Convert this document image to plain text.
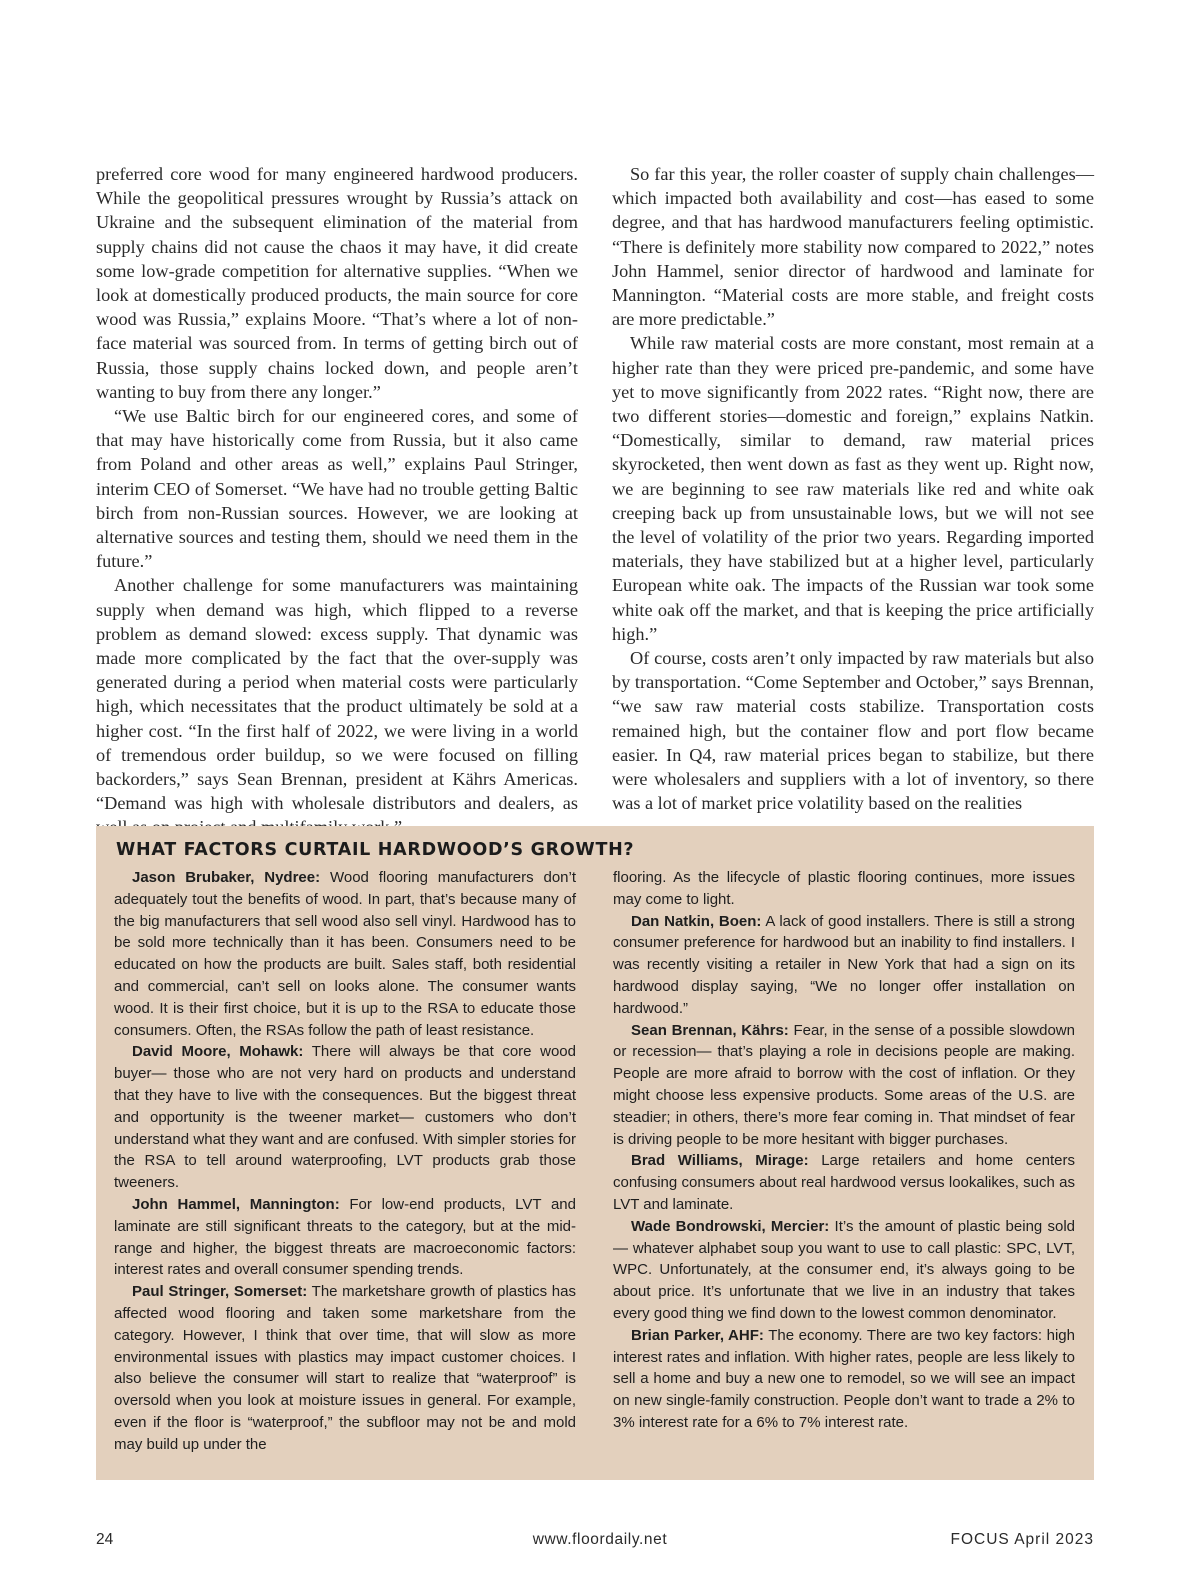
preferred core wood for many engineered hardwood producers. While the geopolitical pressures wrought by Russia’s attack on Ukraine and the subsequent elimination of the material from supply chains did not cause the chaos it may have, it did create some low-grade competition for alternative supplies. “When we look at domestically produced products, the main source for core wood was Russia,” explains Moore. “That’s where a lot of non-face material was sourced from. In terms of getting birch out of Russia, those supply chains locked down, and people aren’t wanting to buy from there any longer.”

“We use Baltic birch for our engineered cores, and some of that may have historically come from Russia, but it also came from Poland and other areas as well,” explains Paul Stringer, interim CEO of Somerset. “We have had no trouble getting Baltic birch from non-Russian sources. However, we are looking at alternative sources and testing them, should we need them in the future.”

Another challenge for some manufacturers was maintaining supply when demand was high, which flipped to a reverse problem as demand slowed: excess supply. That dynamic was made more complicated by the fact that the over-supply was generated during a period when material costs were particularly high, which necessitates that the product ultimately be sold at a higher cost. “In the first half of 2022, we were living in a world of tremendous order buildup, so we were focused on filling backorders,” says Sean Brennan, president at Kährs Americas. “Demand was high with wholesale distributors and dealers, as

So far this year, the roller coaster of supply chain challenges—which impacted both availability and cost—has eased to some degree, and that has hardwood manufacturers feeling optimistic. “There is definitely more stability now compared to 2022,” notes John Hammel, senior director of hardwood and laminate for Mannington. “Material costs are more stable, and freight costs are more predictable.”

While raw material costs are more constant, most remain at a higher rate than they were priced pre-pandemic, and some have yet to move significantly from 2022 rates. “Right now, there are two different stories—domestic and foreign,” explains Natkin. “Domestically, similar to demand, raw material prices skyrocketed, then went down as fast as they went up. Right now, we are beginning to see raw materials like red and white oak creeping back up from unsustainable lows, but we will not see the level of volatility of the prior two years. Regarding imported materials, they have stabilized but at a higher level, particularly European white oak. The impacts of the Russian war took some white oak off the market, and that is keeping the price artificially high.”

Of course, costs aren’t only impacted by raw materials but also by transportation. “Come September and October,” says Brennan, “we saw raw material costs stabilize. Transportation costs remained high, but the container flow and port flow became easier. In Q4, raw material prices began to stabilize, but there were wholesalers and suppliers with a lot of inventory, so there was a lot of market price volatility based on the realities

WHAT FACTORS CURTAIL HARDWOOD’S GROWTH?

Jason Brubaker, Nydree: Wood flooring manufacturers don’t adequately tout the benefits of wood. In part, that’s because many of the big manufacturers that sell wood also sell vinyl. Hardwood has to be sold more technically than it has been. Consumers need to be educated on how the products are built. Sales staff, both residential and commercial, can’t sell on looks alone. The consumer wants wood. It is their first choice, but it is up to the RSA to educate those consumers. Often, the RSAs follow the path of least resistance.

David Moore, Mohawk: There will always be that core wood buyer— those who are not very hard on products and understand that they have to live with the consequences. But the biggest threat and opportunity is the tweener market— customers who don’t understand what they want and are confused. With simpler stories for the RSA to tell around waterproofing, LVT products grab those tweeners.

John Hammel, Mannington: For low-end products, LVT and laminate are still significant threats to the category, but at the mid-range and higher, the biggest threats are macroeconomic factors: interest rates and overall consumer spending trends.

Paul Stringer, Somerset: The marketshare growth of plastics has affected wood flooring and taken some marketshare from the category. However, I think that over time, that will slow as more environmental issues with plastics may impact customer choices. I also believe the consumer will start to realize that “waterproof” is oversold when you look at moisture issues in general. For example, even if the floor is “waterproof,” the subfloor may not be and mold may build up under the

flooring. As the lifecycle of plastic flooring continues, more issues may come to light.

Dan Natkin, Boen: A lack of good installers. There is still a strong consumer preference for hardwood but an inability to find installers. I was recently visiting a retailer in New York that had a sign on its hardwood display saying, “We no longer offer installation on hardwood.”

Sean Brennan, Kährs: Fear, in the sense of a possible slowdown or recession— that’s playing a role in decisions people are making. People are more afraid to borrow with the cost of inflation. Or they might choose less expensive products. Some areas of the U.S. are steadier; in others, there’s more fear coming in. That mindset of fear is driving people to be more hesitant with bigger purchases.

Brad Williams, Mirage: Large retailers and home centers confusing consumers about real hardwood versus lookalikes, such as LVT and laminate.

Wade Bondrowski, Mercier: It’s the amount of plastic being sold— whatever alphabet soup you want to use to call plastic: SPC, LVT, WPC. Unfortunately, at the consumer end, it’s always going to be about price. It’s unfortunate that we live in an industry that takes every good thing we find down to the lowest common denominator.

Brian Parker, AHF: The economy. There are two key factors: high interest rates and inflation. With higher rates, people are less likely to sell a home and buy a new one to remodel, so we will see an impact on new single-family construction. People don’t want to trade a 2% to 3% interest rate for a 6% to 7% interest rate.

24	www.floordaily.net	FOCUS April 2023
